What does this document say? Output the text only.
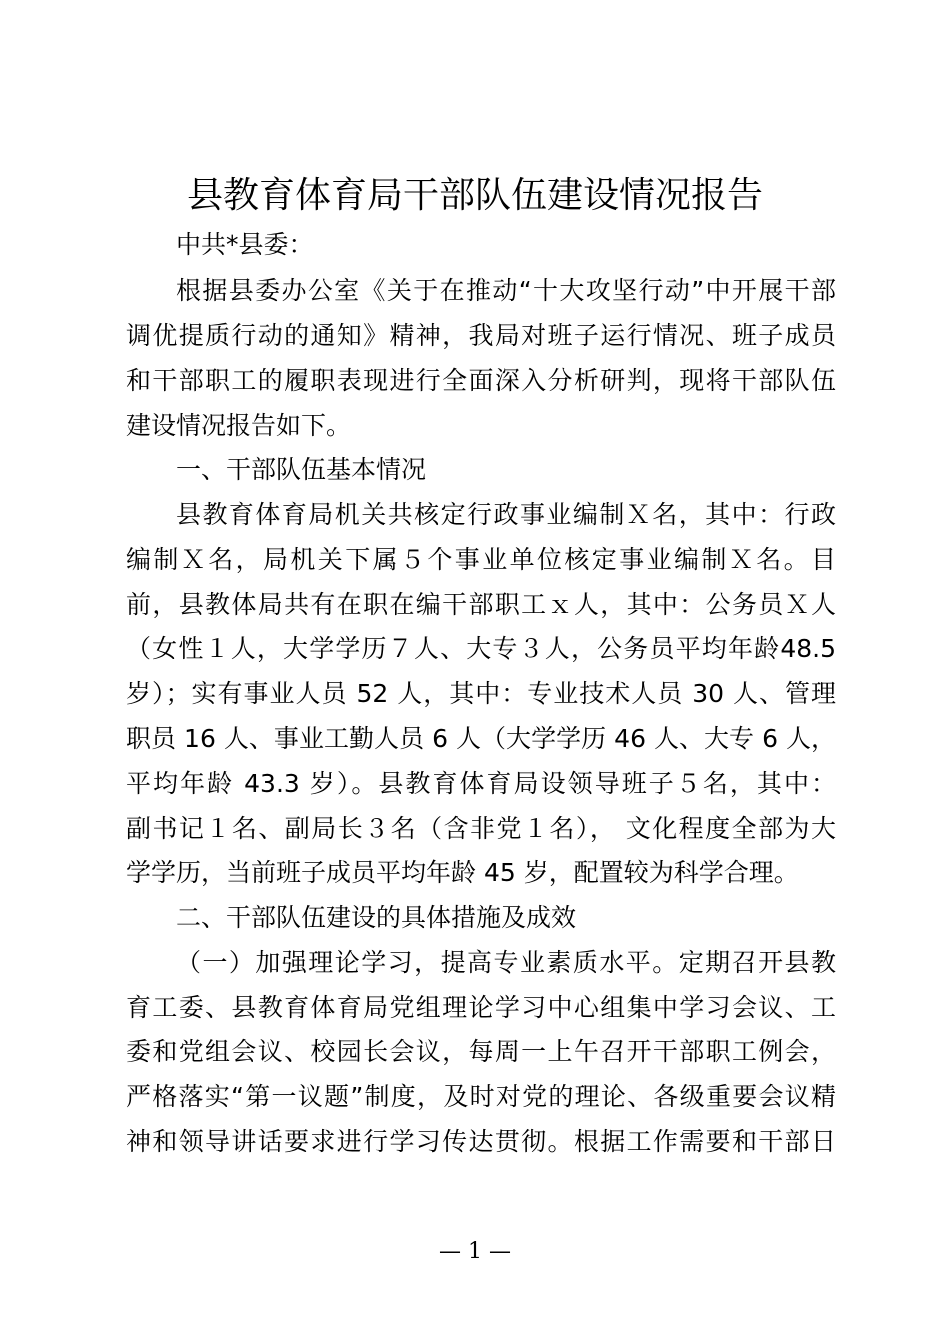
县教育体育局干部队伍建设情况报告
中共*县委：
根据县委办公室《关于在推动“十大攻坚行动”中开展干部
调优提质行动的通知》精神，我局对班子运行情况、班子成员
和干部职工的履职表现进行全面深入分析研判，现将干部队伍
建设情况报告如下。
一、干部队伍基本情况
县教育体育局机关共核定行政事业编制Ｘ名，其中：行政
编制Ｘ名，局机关下属５个事业单位核定事业编制Ｘ名。目
前，县教体局共有在职在编干部职工ｘ人，其中：公务员Ｘ人
（女性１人，大学学历７人、大专３人，公务员平均年龄48.5
岁）；实有事业人员 52 人，其中：专业技术人员 30 人、管理
职员 16 人、事业工勤人员 6 人（大学学历 46 人、大专 6 人，
平均年龄 43.3 岁）。县教育体育局设领导班子５名，其中：
副书记１名、副局长３名（含非党１名）， 文化程度全部为大
学学历，当前班子成员平均年龄 45 岁，配置较为科学合理。
二、干部队伍建设的具体措施及成效
（一）加强理论学习，提高专业素质水平。定期召开县教
育工委、县教育体育局党组理论学习中心组集中学习会议、工
委和党组会议、校园长会议，每周一上午召开干部职工例会，
严格落实“第一议题”制度，及时对党的理论、各级重要会议精
神和领导讲话要求进行学习传达贯彻。根据工作需要和干部日
— 1 —
